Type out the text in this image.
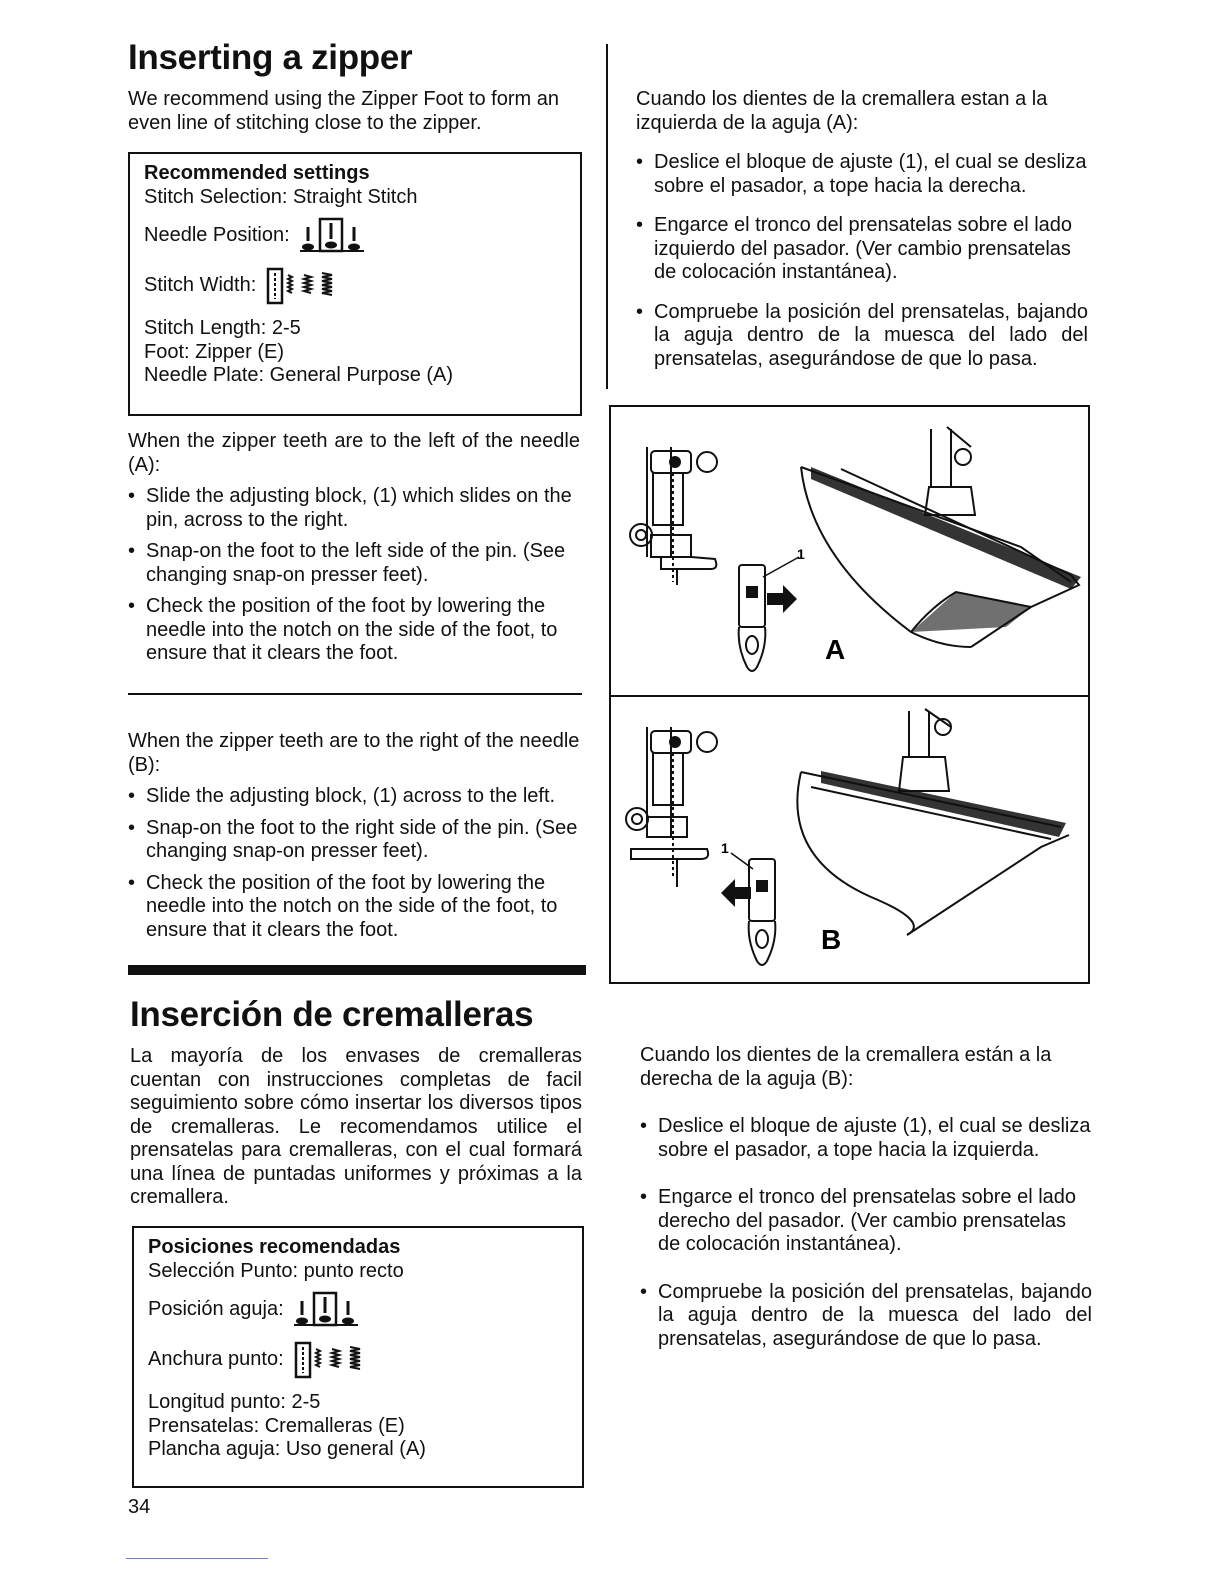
Inserting a zipper
We recommend using the Zipper Foot to form an even line of stitching close to the zipper.
Recommended settings
Stitch Selection: Straight Stitch
Needle Position:
Stitch Width:
Stitch Length: 2-5
Foot: Zipper (E)
Needle Plate: General Purpose (A)

When the zipper teeth are to the left of the needle (A):

• Slide the adjusting block, (1) which slides on the pin, across to the right.
• Snap-on the foot to the left side of the pin. (See changing snap-on presser feet).
• Check the position of the foot by lowering the needle into the notch on the side of the foot, to ensure that it clears the foot.

When the zipper teeth are to the right of the needle (B):

• Slide the adjusting block, (1) across to the left.
• Snap-on the foot to the right side of the pin. (See changing snap-on presser feet).
• Check the position of the foot by lowering the needle into the notch on the side of the foot, to ensure that it clears the foot.

Cuando los dientes de la cremallera estan a la izquierda de la aguja (A):

• Deslice el bloque de ajuste (1), el cual se desliza sobre el pasador, a tope hacia la derecha.
• Engarce el tronco del prensatelas sobre el lado izquierdo del pasador. (Ver cambio prensatelas de colocación instantánea).
• Compruebe la posición del prensatelas, bajando la aguja dentro de la muesca del lado del prensatelas, asegurándose de que lo pasa.
1
A
1
B
Inserción de cremalleras
La mayoría de los envases de cremalleras cuentan con instrucciones completas de facil seguimiento sobre cómo insertar los diversos tipos de cremalleras. Le recomendamos utilice el prensatelas para cremalleras, con el cual formará una línea de puntadas uniformes y próximas a la cremallera.
Posiciones recomendadas
Selección Punto: punto recto
Posición aguja:
Anchura punto:
Longitud punto: 2-5
Prensatelas: Cremalleras (E)
Plancha aguja: Uso general (A)

Cuando los dientes de la cremallera están a la derecha de la aguja (B):

• Deslice el bloque de ajuste (1), el cual se desliza sobre el pasador, a tope hacia la izquierda.
• Engarce el tronco del prensatelas sobre el lado derecho del pasador. (Ver cambio prensatelas de colocación instantánea).
• Compruebe la posición del prensatelas, bajando la aguja dentro de la muesca del lado del prensatelas, asegurándose de que lo pasa.
34
